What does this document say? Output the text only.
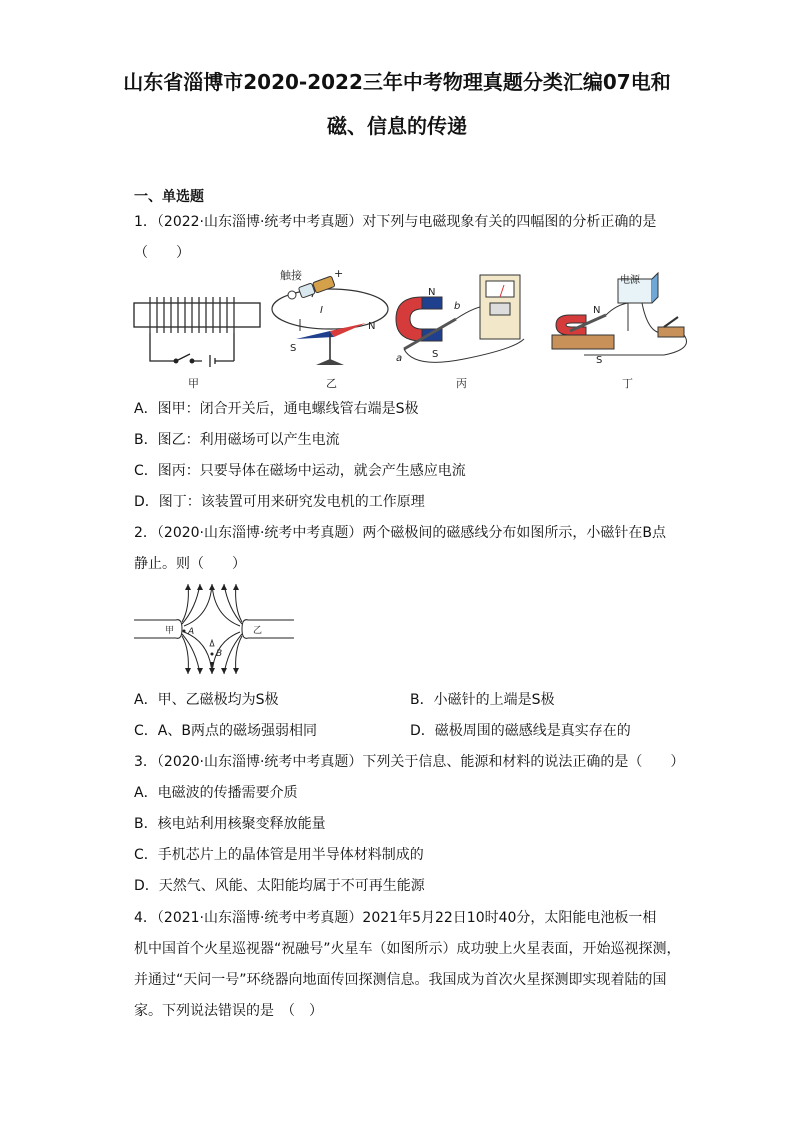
山东省淄博市2020-2022三年中考物理真题分类汇编07电和
磁、信息的传递
一、单选题
1．（2022·山东淄博·统考中考真题）对下列与电磁现象有关的四幅图的分析正确的是
（　　）
甲
触接	+
I
N
S
乙
N
b
a	S
丙
电源
N
S
丁
A．图甲：闭合开关后，通电螺线管右端是S极
B．图乙：利用磁场可以产生电流
C．图丙：只要导体在磁场中运动，就会产生感应电流
D．图丁：该装置可用来研究发电机的工作原理
2．（2020·山东淄博·统考中考真题）两个磁极间的磁感线分布如图所示，小磁针在B点
静止。则（　　）
甲	乙
A
B
A．甲、乙磁极均为S极	B．小磁针的上端是S极
C．A、B两点的磁场强弱相同	D．磁极周围的磁感线是真实存在的
3．（2020·山东淄博·统考中考真题）下列关于信息、能源和材料的说法正确的是（　　）
A．电磁波的传播需要介质
B．核电站利用核聚变释放能量
C．手机芯片上的晶体管是用半导体材料制成的
D．天然气、风能、太阳能均属于不可再生能源
4．（2021·山东淄博·统考中考真题）2021年5月22日10时40分，太阳能电池板一相
机中国首个火星巡视器“祝融号”火星车（如图所示）成功驶上火星表面，开始巡视探测，
并通过“天问一号”环绕器向地面传回探测信息。我国成为首次火星探测即实现着陆的国
家。下列说法错误的是　（　）
